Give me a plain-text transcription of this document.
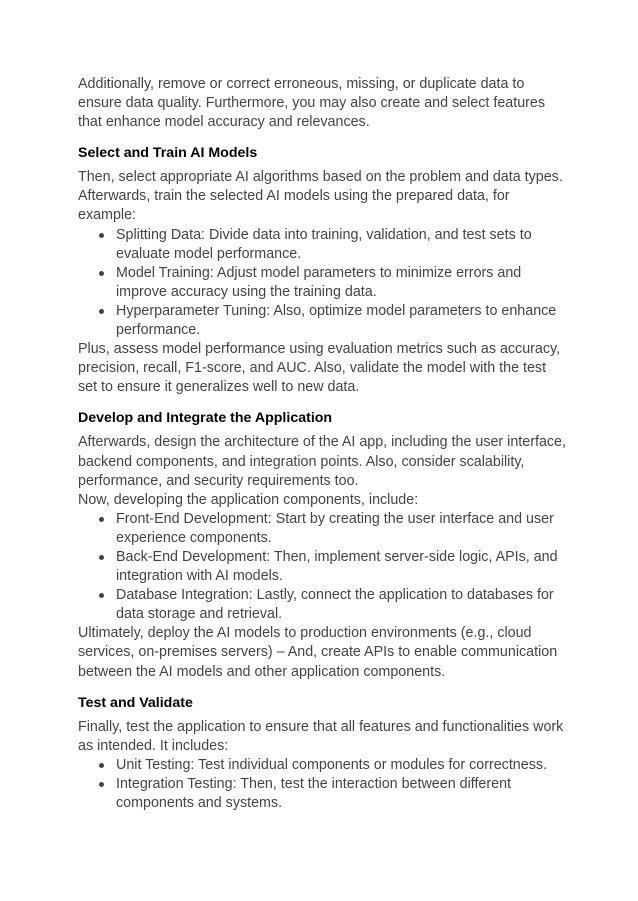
Additionally, remove or correct erroneous, missing, or duplicate data to ensure data quality. Furthermore, you may also create and select features that enhance model accuracy and relevances.

Select and Train AI Models

Then, select appropriate AI algorithms based on the problem and data types. Afterwards, train the selected AI models using the prepared data, for example:

Splitting Data: Divide data into training, validation, and test sets to evaluate model performance.
Model Training: Adjust model parameters to minimize errors and improve accuracy using the training data.
Hyperparameter Tuning: Also, optimize model parameters to enhance performance.

Plus, assess model performance using evaluation metrics such as accuracy, precision, recall, F1-score, and AUC. Also, validate the model with the test set to ensure it generalizes well to new data.

Develop and Integrate the Application

Afterwards, design the architecture of the AI app, including the user interface, backend components, and integration points. Also, consider scalability, performance, and security requirements too.

Now, developing the application components, include:

Front-End Development: Start by creating the user interface and user experience components.
Back-End Development: Then, implement server-side logic, APIs, and integration with AI models.
Database Integration: Lastly, connect the application to databases for data storage and retrieval.

Ultimately, deploy the AI models to production environments (e.g., cloud services, on-premises servers) – And, create APIs to enable communication between the AI models and other application components.

Test and Validate

Finally, test the application to ensure that all features and functionalities work as intended. It includes:

Unit Testing: Test individual components or modules for correctness.
Integration Testing: Then, test the interaction between different components and systems.
